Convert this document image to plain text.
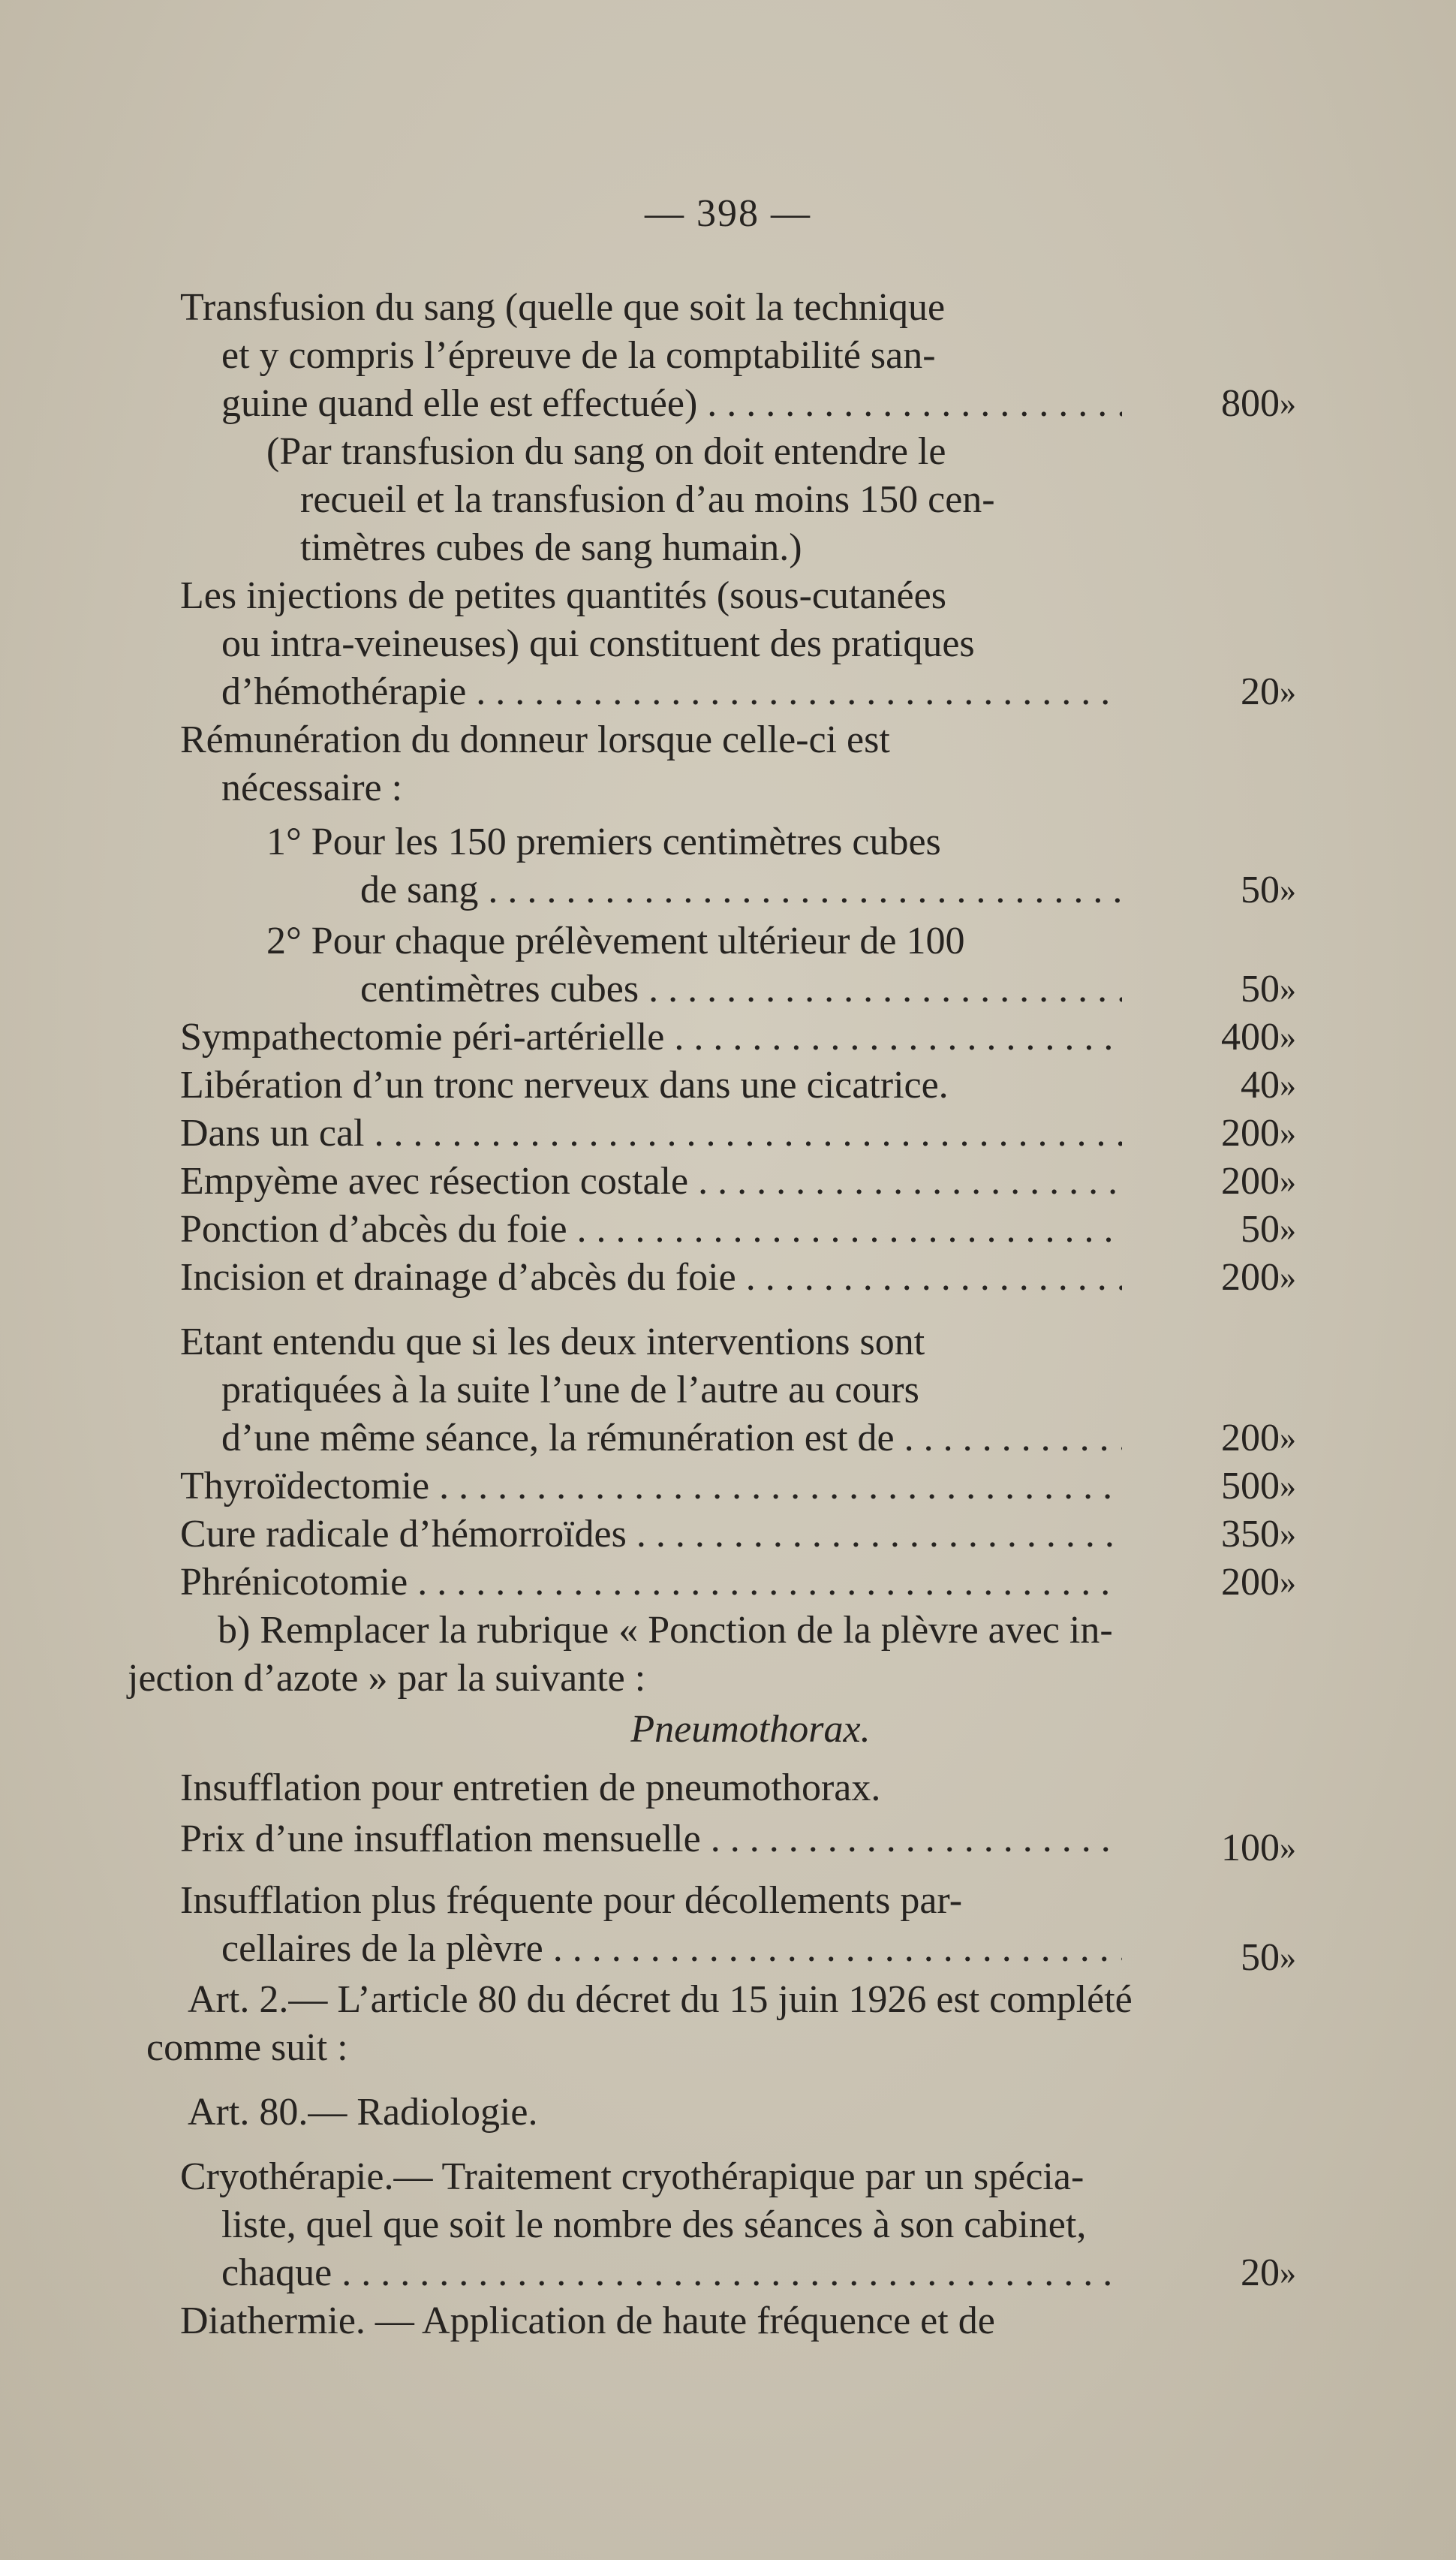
— 398 —
Transfusion du sang (quelle que soit la technique
et y compris l’épreuve de la comptabilité san-
guine quand elle est effectuée) . . .	800 »
(Par transfusion du sang on doit entendre le
recueil et la transfusion d’au moins 150 cen-
timètres cubes de sang humain.)
Les injections de petites quantités (sous-cutanées
ou intra-veineuses) qui constituent des pratiques
d’hémothérapie . . .	20 »
Rémunération du donneur lorsque celle-ci est
nécessaire :
1° Pour les 150 premiers centimètres cubes
de sang . . .	50 »
2° Pour chaque prélèvement ultérieur de 100
centimètres cubes . . .	50 »
Sympathectomie péri-artérielle . . .	400 »
Libération d’un tronc nerveux dans une cicatrice.	40 »
Dans un cal . . .	200 »
Empyème avec résection costale . . .	200 »
Ponction d’abcès du foie . . .	50 »
Incision et drainage d’abcès du foie . . .	200 »
Etant entendu que si les deux interventions sont
pratiquées à la suite l’une de l’autre au cours
d’une même séance, la rémunération est de . . .	200 »
Thyroïdectomie . . .	500 »
Cure radicale d’hémorroïdes . . .	350 »
Phrénicotomie . . .	200 »
b) Remplacer la rubrique « Ponction de la plèvre avec in-
jection d’azote » par la suivante :
Pneumothorax.
Insufflation pour entretien de pneumothorax.
Prix d’une insufflation mensuelle . . .	100 »
Insufflation plus fréquente pour décollements par-
cellaires de la plèvre . . .	50 »
Art. 2.— L’article 80 du décret du 15 juin 1926 est complété
comme suit :
Art. 80.— Radiologie.
Cryothérapie.— Traitement cryothérapique par un spécia-
liste, quel que soit le nombre des séances à son cabinet,
chaque . . .	20 »
Diathermie. — Application de haute fréquence et de
